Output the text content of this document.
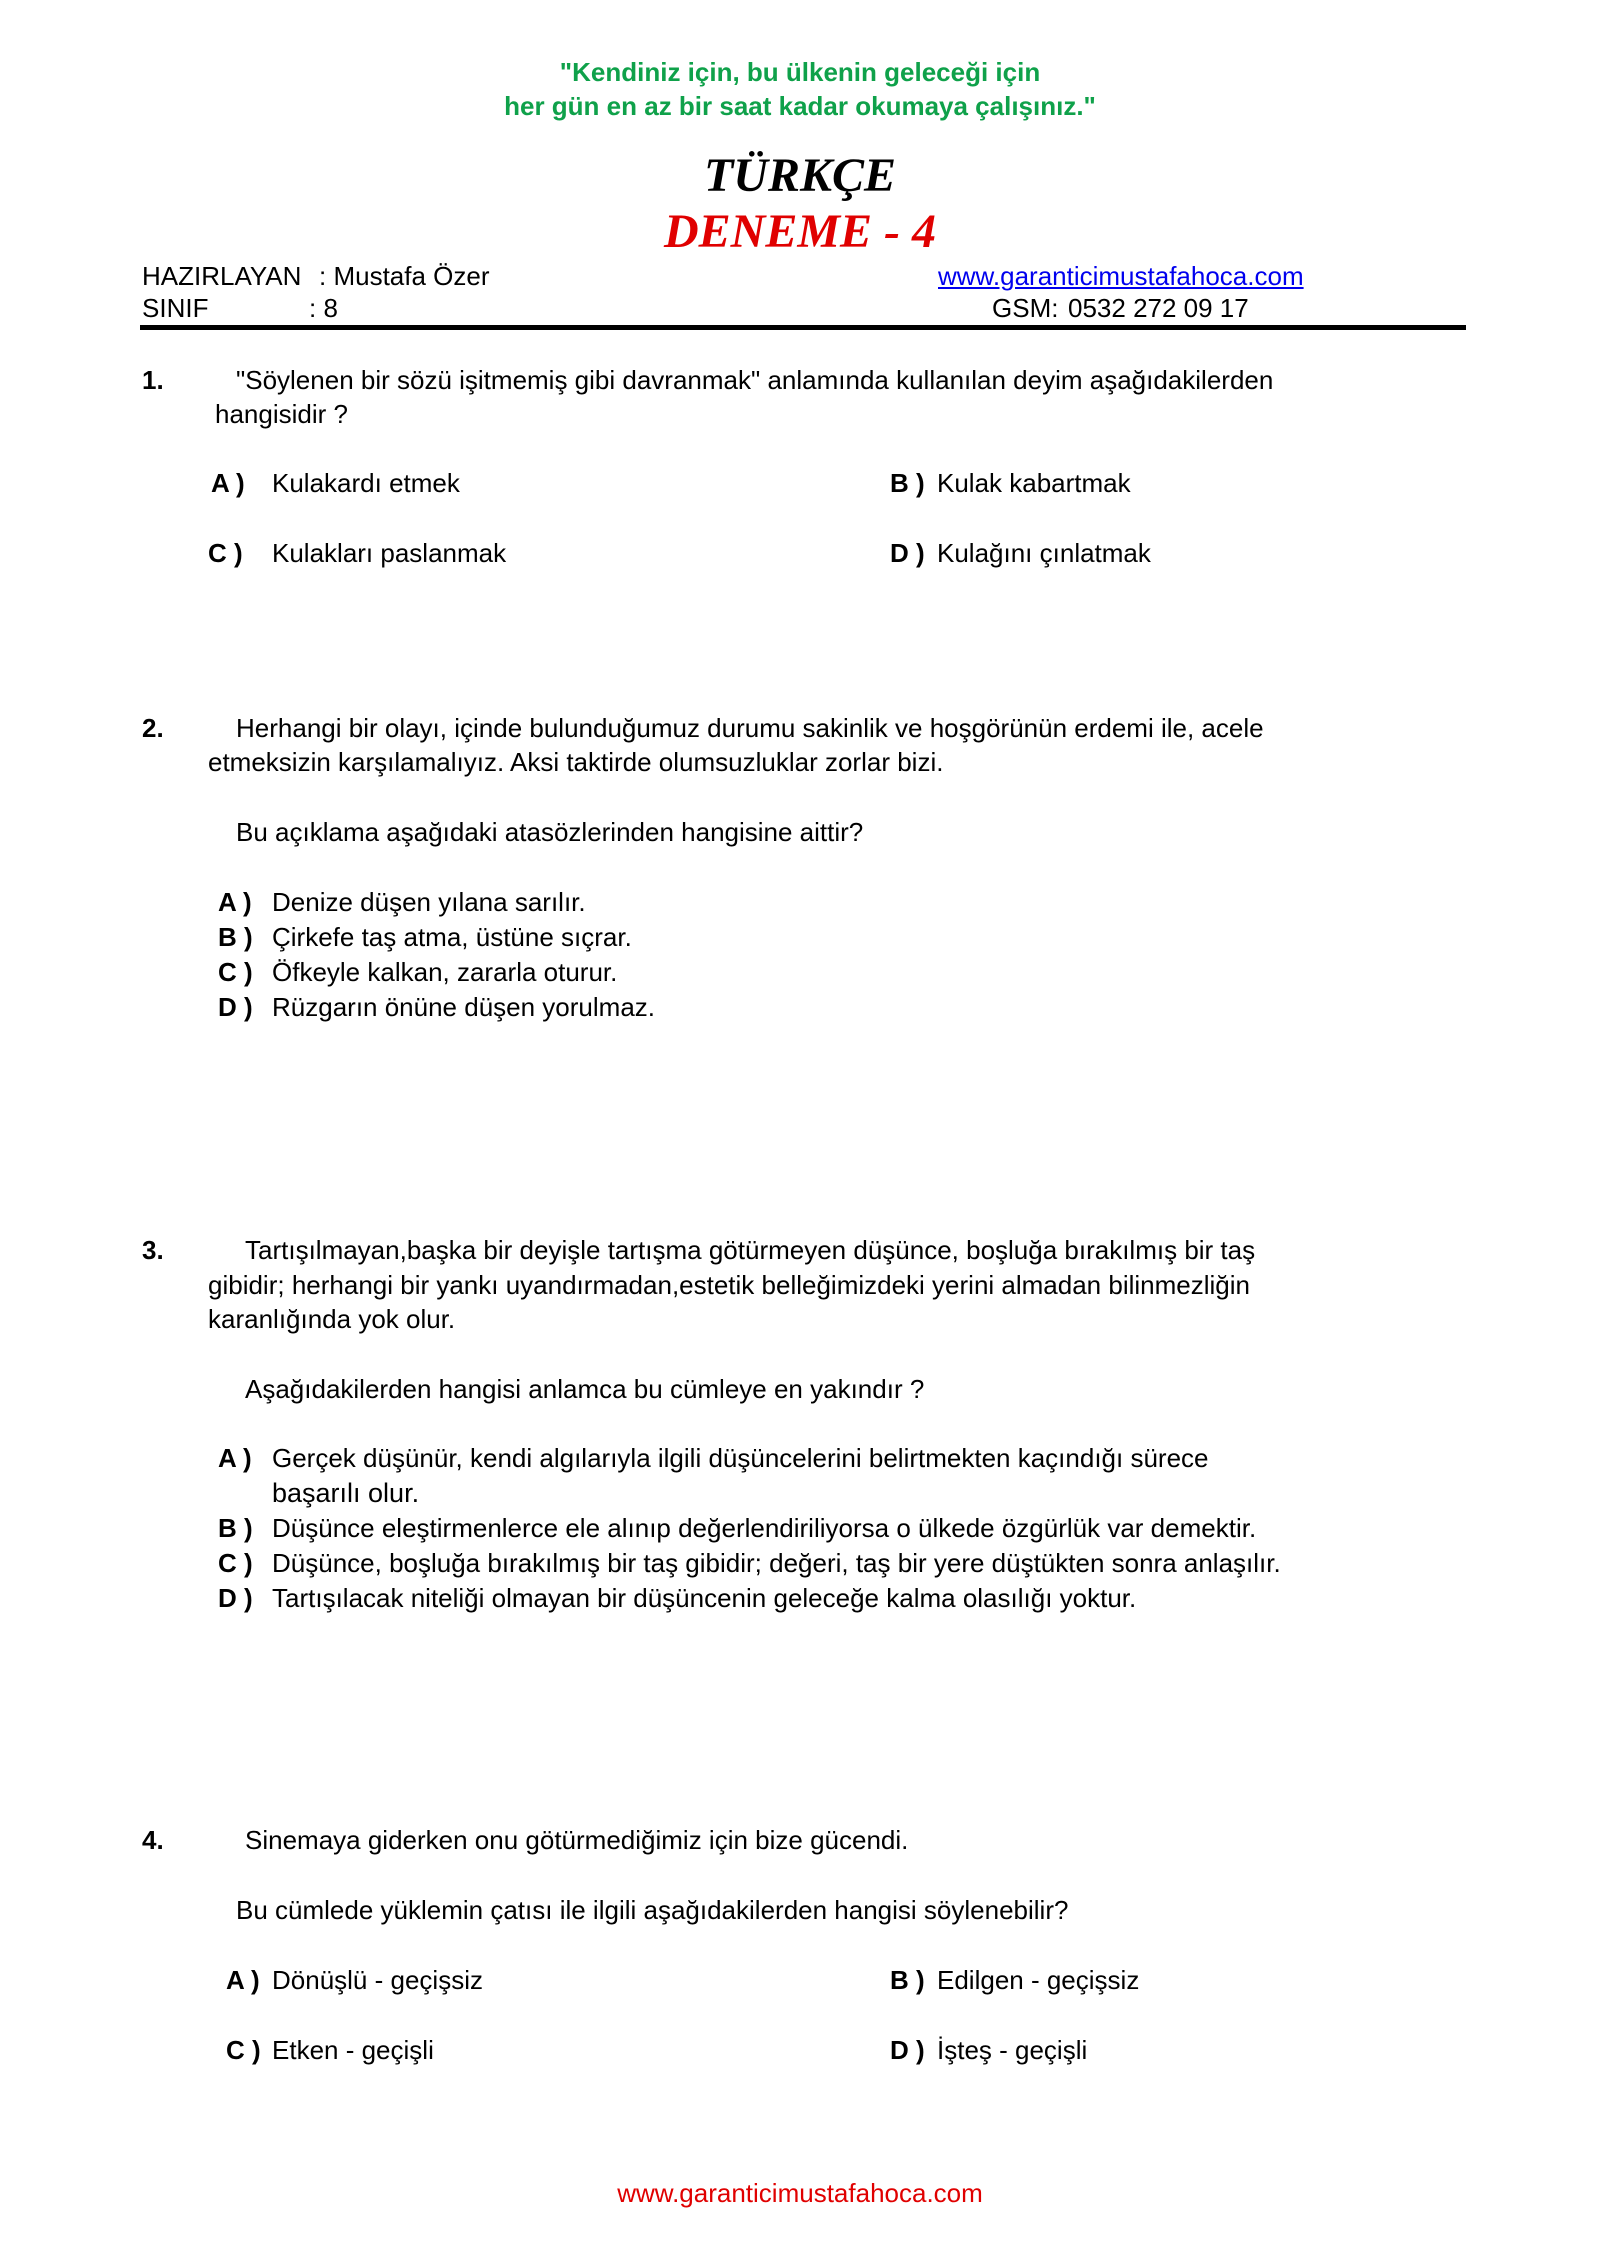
"Kendiniz için, bu ülkenin geleceği için
her gün en az bir saat kadar okumaya çalışınız."
TÜRKÇE
DENEME - 4
HAZIRLAYAN : Mustafa Özer	www.garanticimustafahoca.com
SINIF	: 8	GSM: 0532 272 09 17
1.	"Söylenen bir sözü işitmemiş gibi davranmak" anlamında kullanılan deyim aşağıdakilerden
hangisidir ?
A ) Kulakardı etmek	B ) Kulak kabartmak
C ) Kulakları paslanmak	D ) Kulağını çınlatmak
2.	Herhangi bir olayı, içinde bulunduğumuz durumu sakinlik ve hoşgörünün erdemi ile, acele
etmeksizin karşılamalıyız. Aksi taktirde olumsuzluklar zorlar bizi.
Bu açıklama aşağıdaki atasözlerinden hangisine aittir?
A ) Denize düşen yılana sarılır.
B ) Çirkefe taş atma, üstüne sıçrar.
C ) Öfkeyle kalkan, zararla oturur.
D ) Rüzgarın önüne düşen yorulmaz.
3.	Tartışılmayan,başka bir deyişle tartışma götürmeyen düşünce, boşluğa bırakılmış bir taş
gibidir; herhangi bir yankı uyandırmadan,estetik belleğimizdeki yerini almadan bilinmezliğin
karanlığında yok olur.
Aşağıdakilerden hangisi anlamca bu cümleye en yakındır ?
A ) Gerçek düşünür, kendi algılarıyla ilgili düşüncelerini belirtmekten kaçındığı sürece
başarılı olur.
B ) Düşünce eleştirmenlerce ele alınıp değerlendiriliyorsa o ülkede özgürlük var demektir.
C ) Düşünce, boşluğa bırakılmış bir taş gibidir; değeri, taş bir yere düştükten sonra anlaşılır.
D ) Tartışılacak niteliği olmayan bir düşüncenin geleceğe kalma olasılığı yoktur.
4.	Sinemaya giderken onu götürmediğimiz için bize gücendi.
Bu cümlede yüklemin çatısı ile ilgili aşağıdakilerden hangisi söylenebilir?
A ) Dönüşlü - geçişsiz	B ) Edilgen - geçişsiz
C ) Etken - geçişli	D ) İşteş - geçişli
www.garanticimustafahoca.com
